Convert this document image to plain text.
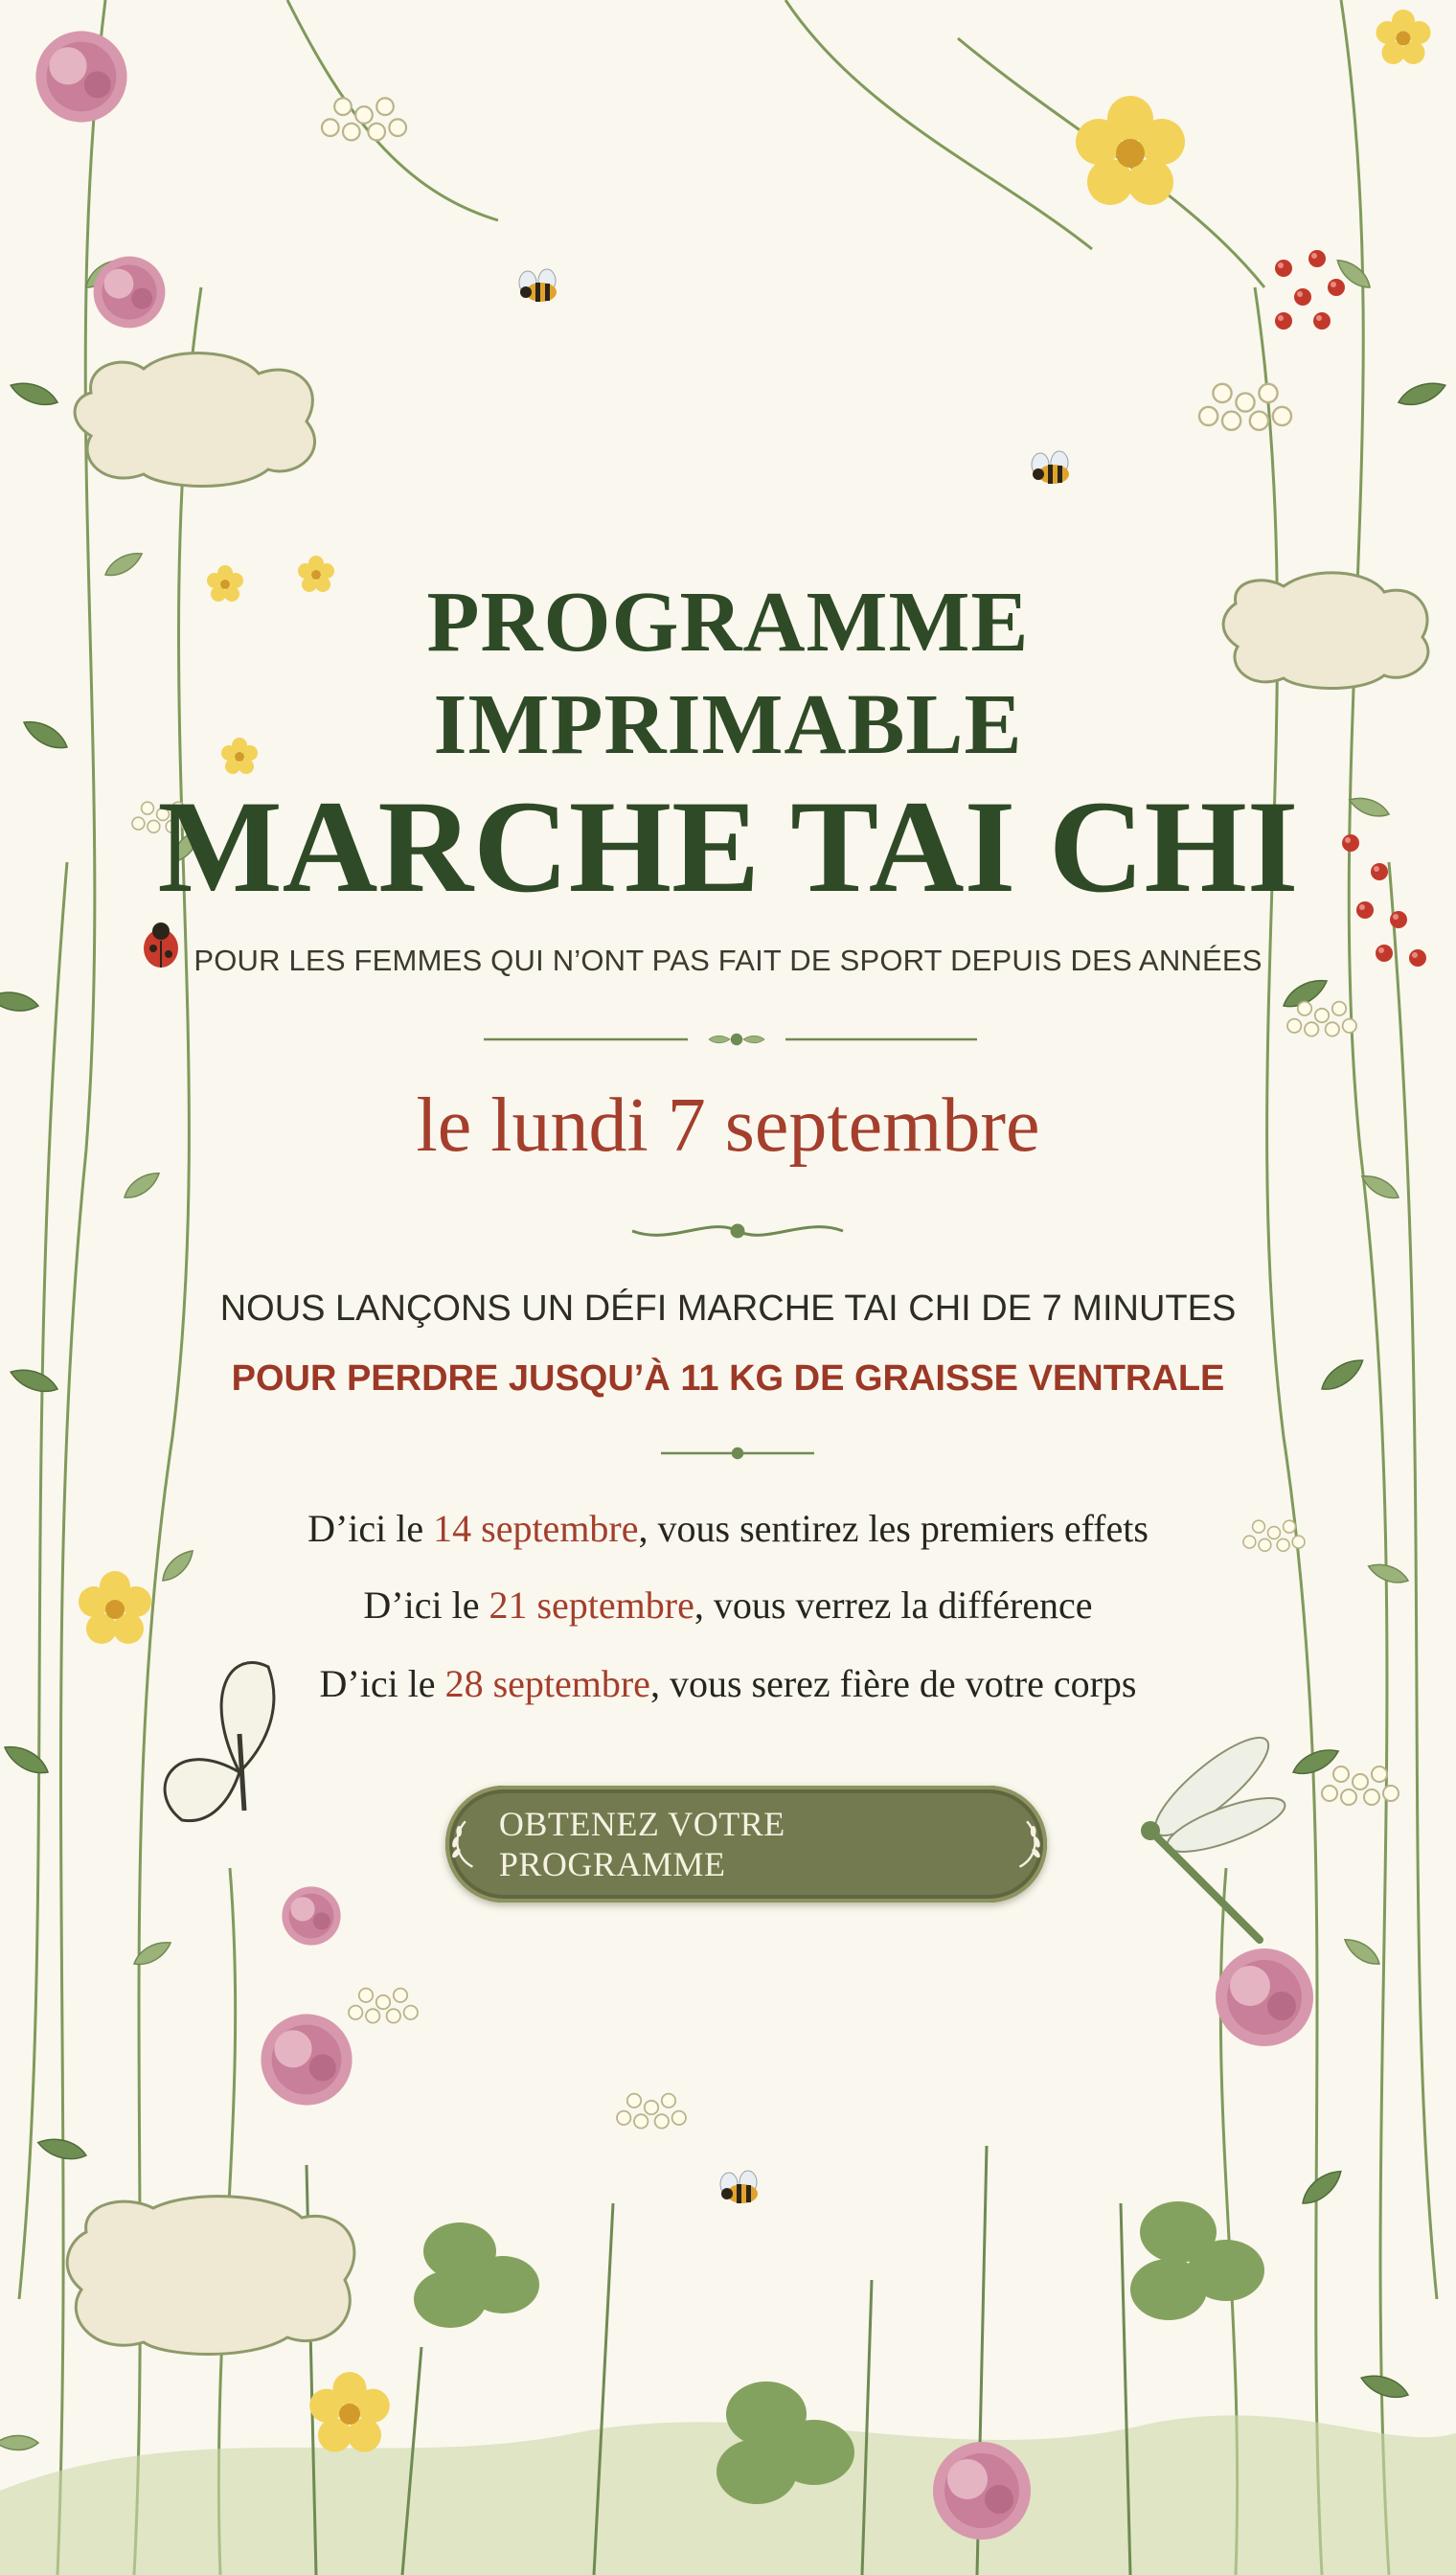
PROGRAMME
IMPRIMABLE
MARCHE TAI CHI

POUR LES FEMMES QUI N’ONT PAS FAIT DE SPORT DEPUIS DES ANNÉES

le lundi 7 septembre

NOUS LANÇONS UN DÉFI MARCHE TAI CHI DE 7 MINUTES

POUR PERDRE JUSQU’À 11 KG DE GRAISSE VENTRALE

D’ici le 14 septembre, vous sentirez les premiers effets

D’ici le 21 septembre, vous verrez la différence

D’ici le 28 septembre, vous serez fière de votre corps

OBTENEZ VOTRE PROGRAMME
